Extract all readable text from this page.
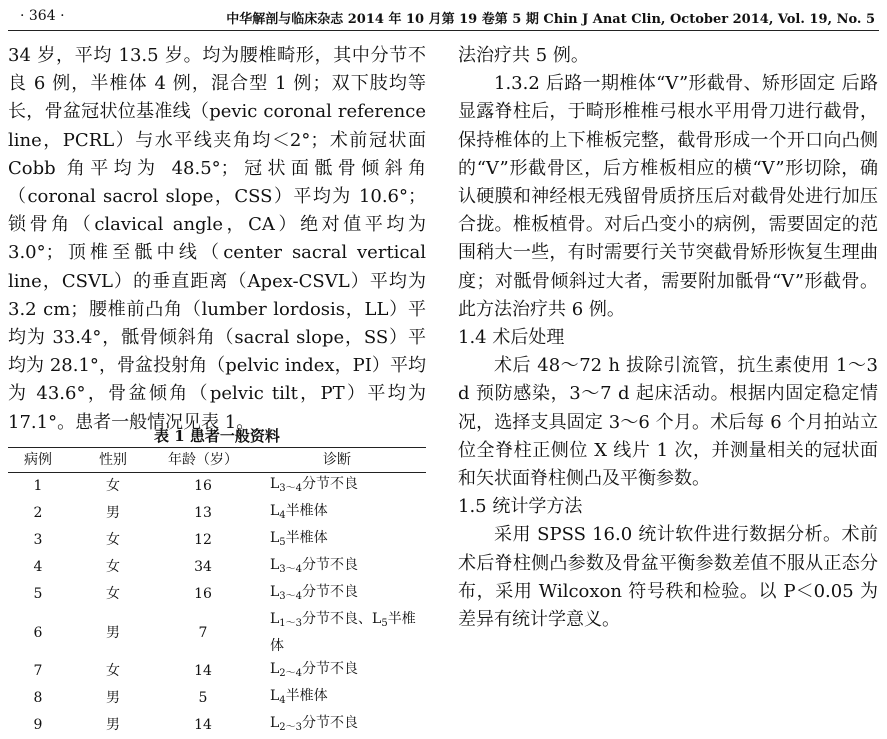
· 364 ·	中华解剖与临床杂志 2014 年 10 月第 19 卷第 5 期 Chin J Anat Clin, October 2014, Vol. 19, No. 5

34 岁，平均 13.5 岁。均为腰椎畸形，其中分节不良 6 例，半椎体 4 例，混合型 1 例；双下肢均等长，骨盆冠状位基准线（pevic coronal reference line，PCRL）与水平线夹角均＜2°；术前冠状面 Cobb 角平均为 48.5°；冠状面骶骨倾斜角（coronal sacrol slope，CSS）平均为 10.6°；锁骨角（clavical angle，CA）绝对值平均为 3.0°；顶椎至骶中线（center sacral vertical line，CSVL）的垂直距离（Apex-CSVL）平均为 3.2 cm；腰椎前凸角（lumber lordosis，LL）平均为 33.4°，骶骨倾斜角（sacral slope，SS）平均为 28.1°，骨盆投射角（pelvic index，PI）平均为 43.6°，骨盆倾角（pelvic tilt，PT）平均为 17.1°。患者一般情况见表 1。

表 1 患者一般资料
病例	性别	年龄（岁）	诊断
1	女	16	$L_{3\sim 4}$分节不良
2	男	13	$L_4$半椎体
3	女	12	$L_5$半椎体
4	女	34	$L_{3\sim 4}$分节不良
5	女	16	$L_{3\sim 4}$分节不良
6	男	7	$L_{1\sim 3}$分节不良、$L_5$半椎体
7	女	14	$L_{2\sim 4}$分节不良
8	男	5	$L_4$半椎体
9	男	14	$L_{2\sim 3}$分节不良

法治疗共 5 例。

1.3.2 后路一期椎体“V”形截骨、矫形固定 后路显露脊柱后，于畸形椎椎弓根水平用骨刀进行截骨，保持椎体的上下椎板完整，截骨形成一个开口向凸侧的“V”形截骨区，后方椎板相应的横“V”形切除，确认硬膜和神经根无残留骨质挤压后对截骨处进行加压合拢。椎板植骨。对后凸变小的病例，需要固定的范围稍大一些，有时需要行关节突截骨矫形恢复生理曲度；对骶骨倾斜过大者，需要附加骶骨“V”形截骨。此方法治疗共 6 例。

1.4 术后处理

术后 48～72 h 拔除引流管，抗生素使用 1～3 d 预防感染，3～7 d 起床活动。根据内固定稳定情况，选择支具固定 3～6 个月。术后每 6 个月拍站立位全脊柱正侧位 X 线片 1 次，并测量相关的冠状面和矢状面脊柱侧凸及平衡参数。

1.5 统计学方法

采用 SPSS 16.0 统计软件进行数据分析。术前术后脊柱侧凸参数及骨盆平衡参数差值不服从正态分布，采用 Wilcoxon 符号秩和检验。以 P＜0.05 为差异有统计学意义。
